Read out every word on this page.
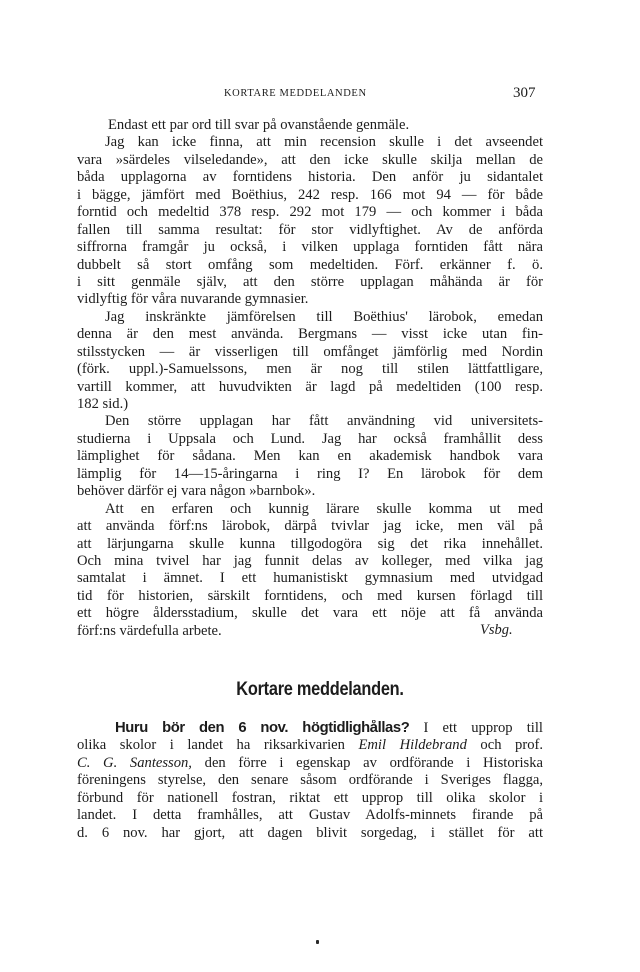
KORTARE MEDDELANDEN	307
Endast ett par ord till svar på ovanstående genmäle.
Jag kan icke finna, att min recension skulle i det avseendet
vara »särdeles vilseledande», att den icke skulle skilja mellan de
båda upplagorna av forntidens historia. Den anför ju sidantalet
i bägge, jämfört med Boëthius, 242 resp. 166 mot 94 — för både
forntid och medeltid 378 resp. 292 mot 179 — och kommer i båda
fallen till samma resultat: för stor vidlyftighet. Av de anförda
siffrorna framgår ju också, i vilken upplaga forntiden fått nära
dubbelt så stort omfång som medeltiden. Förf. erkänner f. ö.
i sitt genmäle själv, att den större upplagan måhända är för
vidlyftig för våra nuvarande gymnasier.
Jag inskränkte jämförelsen till Boëthius' lärobok, emedan
denna är den mest använda. Bergmans — visst icke utan fin-
stilsstycken — är visserligen till omfånget jämförlig med Nordin
(förk. uppl.)-Samuelssons, men är nog till stilen lättfattligare,
vartill kommer, att huvudvikten är lagd på medeltiden (100 resp.
182 sid.)
Den större upplagan har fått användning vid universitets-
studierna i Uppsala och Lund. Jag har också framhållit dess
lämplighet för sådana. Men kan en akademisk handbok vara
lämplig för 14—15-åringarna i ring I? En lärobok för dem
behöver därför ej vara någon »barnbok».
Att en erfaren och kunnig lärare skulle komma ut med
att använda förf:ns lärobok, därpå tvivlar jag icke, men väl på
att lärjungarna skulle kunna tillgodogöra sig det rika innehållet.
Och mina tvivel har jag funnit delas av kolleger, med vilka jag
samtalat i ämnet. I ett humanistiskt gymnasium med utvidgad
tid för historien, särskilt forntidens, och med kursen förlagd till
ett högre åldersstadium, skulle det vara ett nöje att få använda
förf:ns värdefulla arbete.	Vsbg.
Kortare meddelanden.
Huru bör den 6 nov. högtidlighållas? I ett upprop till
olika skolor i landet ha riksarkivarien Emil Hildebrand och prof.
C. G. Santesson, den förre i egenskap av ordförande i Historiska
föreningens styrelse, den senare såsom ordförande i Sveriges flagga,
förbund för nationell fostran, riktat ett upprop till olika skolor i
landet. I detta framhålles, att Gustav Adolfs-minnets firande på
d. 6 nov. har gjort, att dagen blivit sorgedag, i stället för att
